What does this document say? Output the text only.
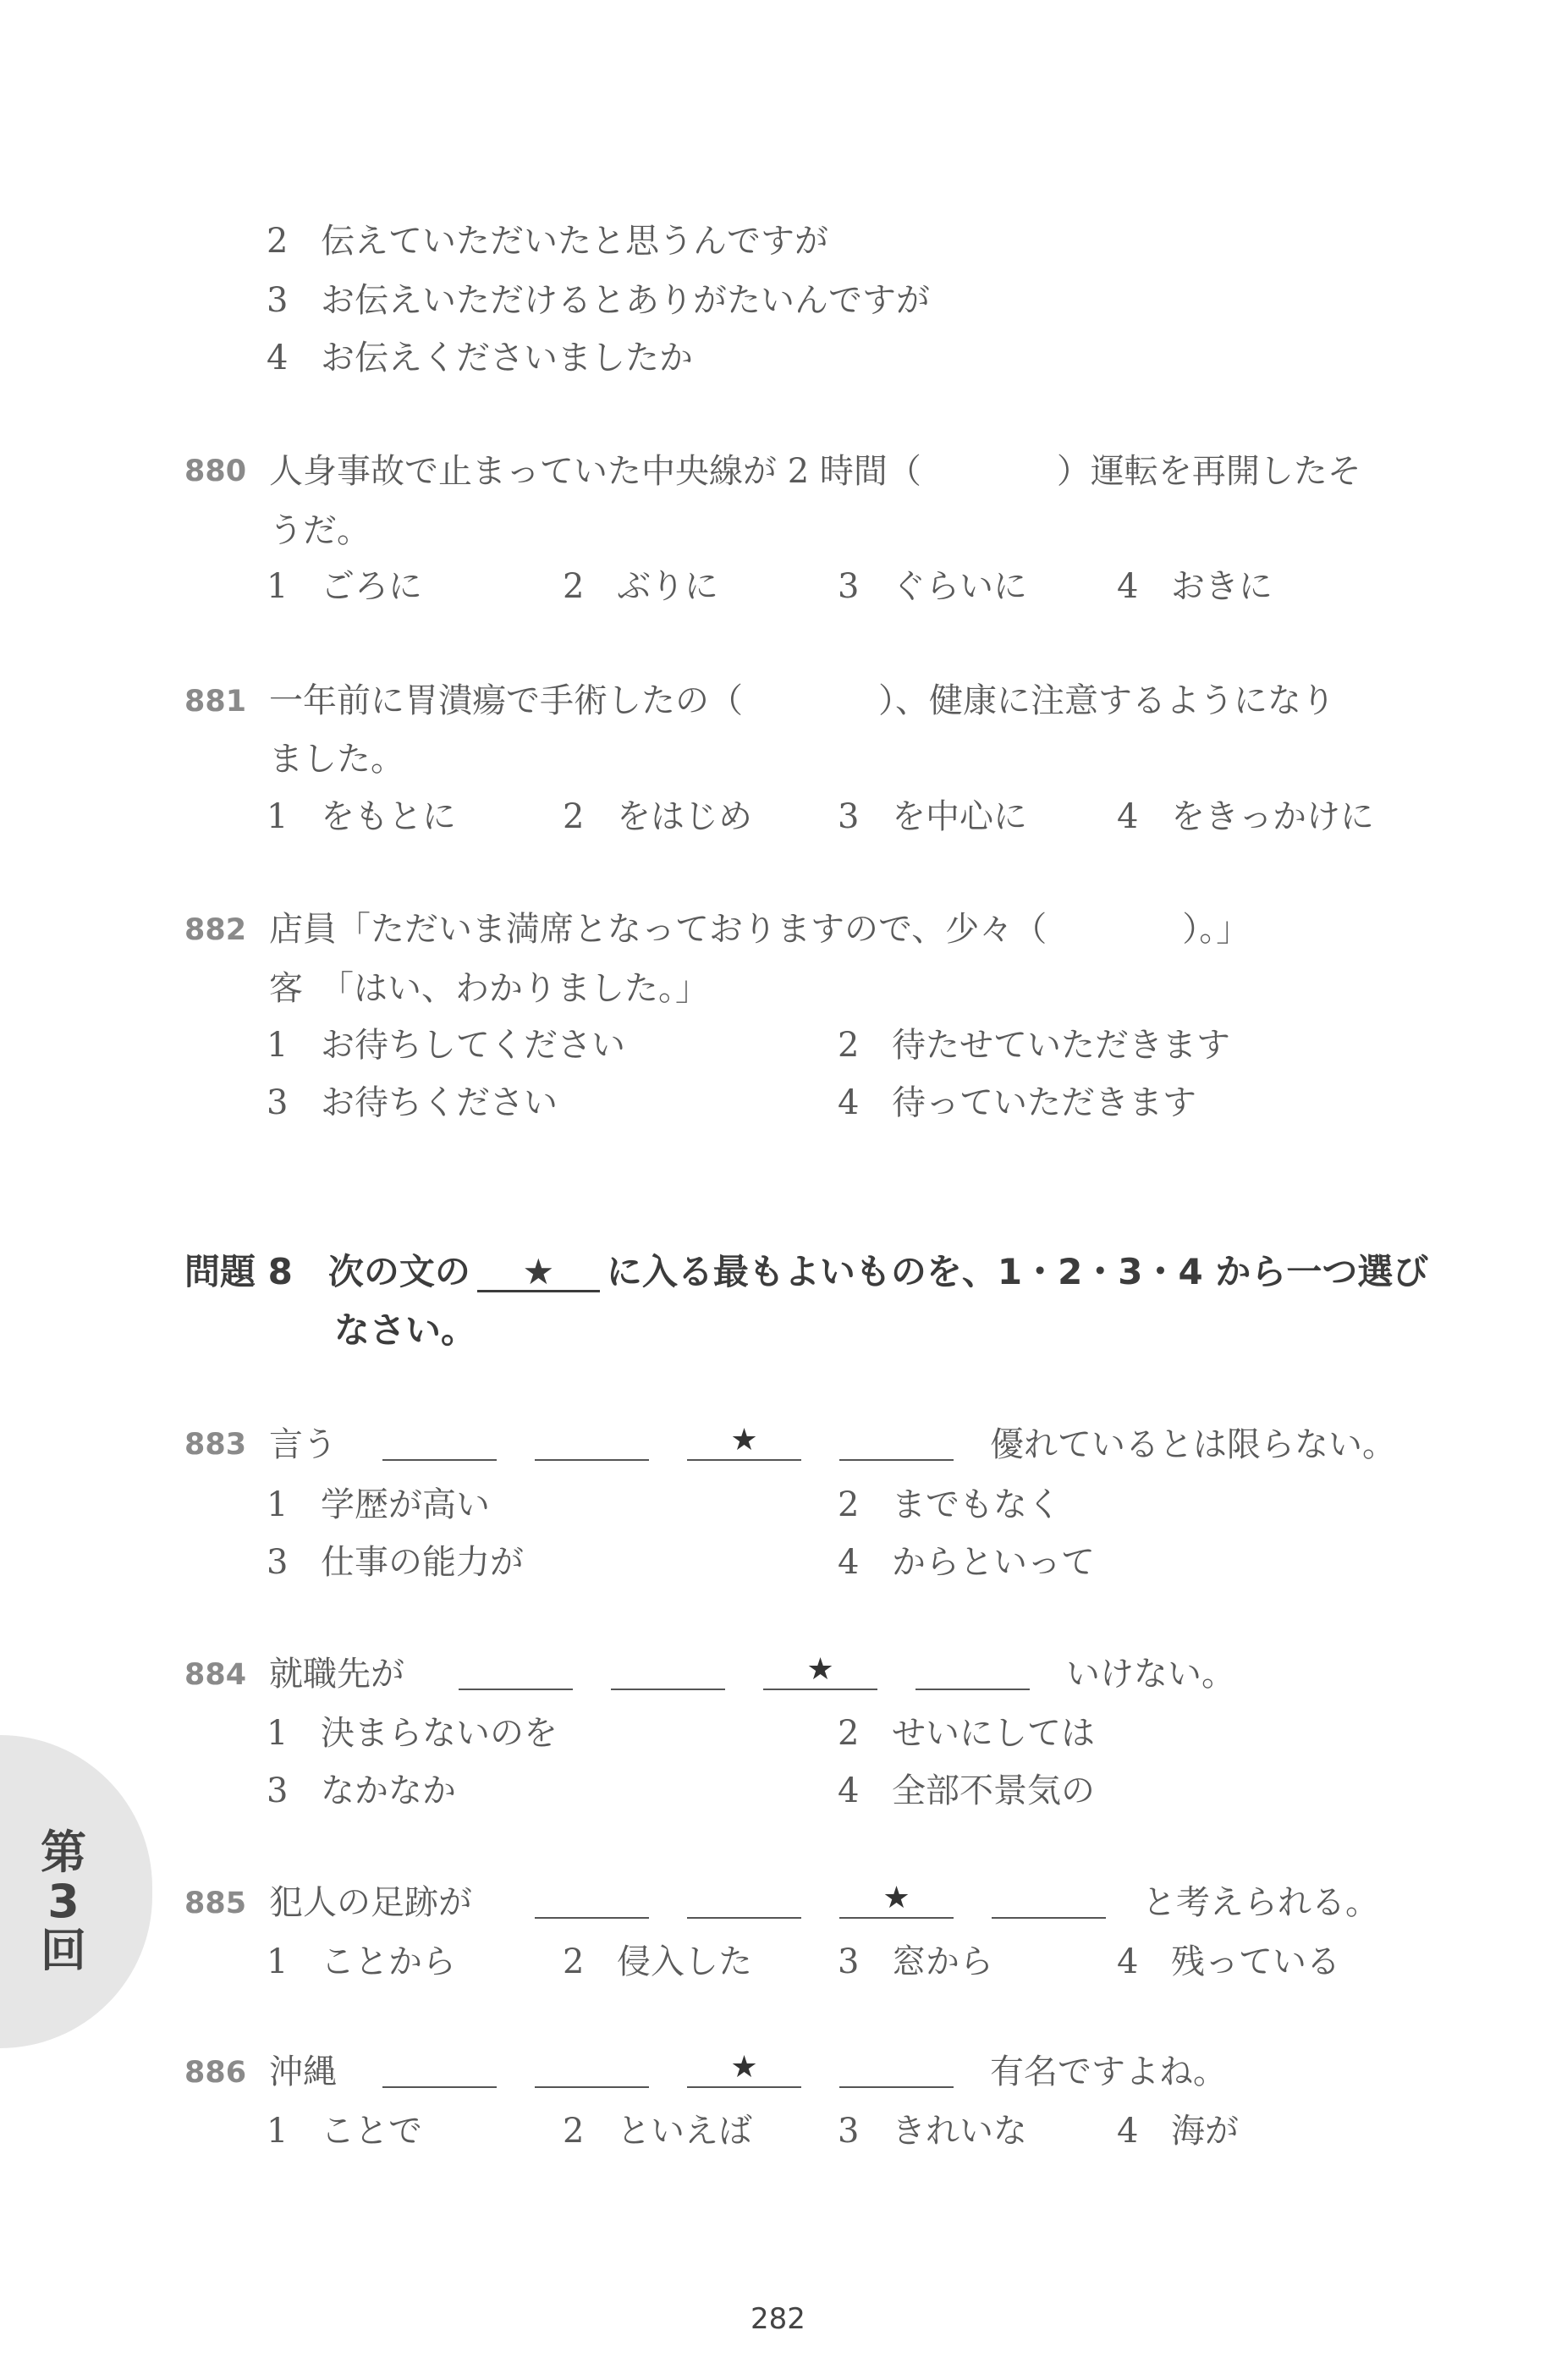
2 伝えていただいたと思うんですが
3 お伝えいただけるとありがたいんですが
4 お伝えくださいましたか
880 人身事故で止まっていた中央線が 2 時間（　　　　）運転を再開したそ
うだ。
1 ごろに	2 ぶりに	3 ぐらいに	4 おきに
881 一年前に胃潰瘍で手術したの（　　　　）、健康に注意するようになり
ました。
1 をもとに	2 をはじめ	3 を中心に	4 をきっかけに
882 店員「ただいま満席となっておりますので、少々（　　　　）。」
客　「はい、わかりました。」
1 お待ちしてください	2 待たせていただきます
3 お待ちください	4 待っていただきます
問題 8　次の文の ★ に入る最もよいものを、1・2・3・4 から一つ選び
なさい。
883 言う	★	優れているとは限らない。
1 学歴が高い	2 までもなく
3 仕事の能力が	4 からといって
884 就職先が	★	いけない。
1 決まらないのを	2 せいにしては
3 なかなか	4 全部不景気の
第
3
回
885 犯人の足跡が	★	と考えられる。
1 ことから	2 侵入した	3 窓から	4 残っている
886 沖縄	★	有名ですよね。
1 ことで	2 といえば	3 きれいな	4 海が
282
